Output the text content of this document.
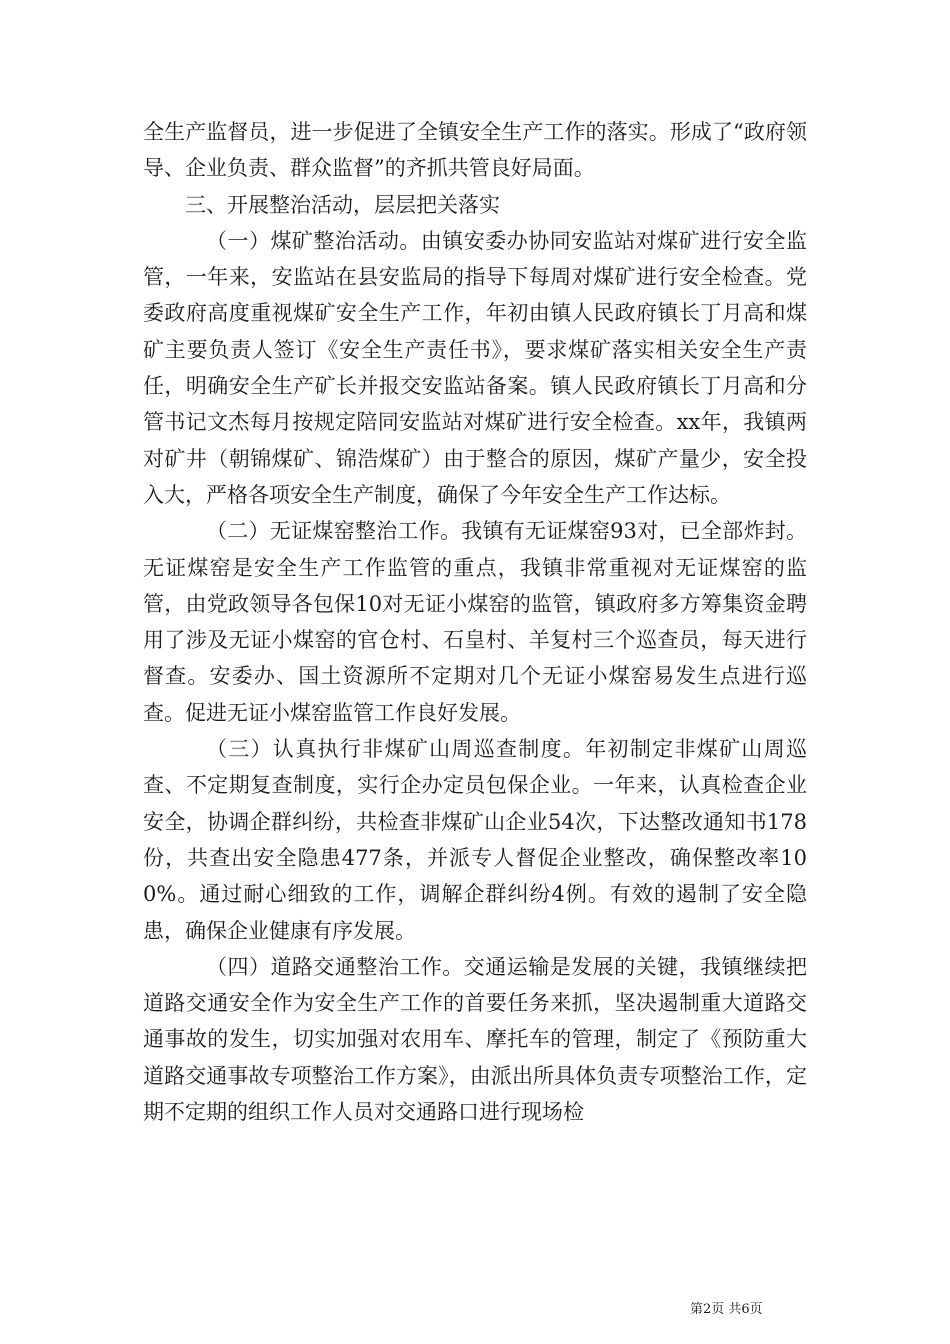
全生产监督员，进一步促进了全镇安全生产工作的落实。形成了“政府领导、企业负责、群众监督”的齐抓共管良好局面。

三、开展整治活动，层层把关落实

（一）煤矿整治活动。由镇安委办协同安监站对煤矿进行安全监管，一年来，安监站在县安监局的指导下每周对煤矿进行安全检查。党委政府高度重视煤矿安全生产工作，年初由镇人民政府镇长丁月高和煤矿主要负责人签订《安全生产责任书》，要求煤矿落实相关安全生产责任，明确安全生产矿长并报交安监站备案。镇人民政府镇长丁月高和分管书记文杰每月按规定陪同安监站对煤矿进行安全检查。xx年，我镇两对矿井（朝锦煤矿、锦浩煤矿）由于整合的原因，煤矿产量少，安全投入大，严格各项安全生产制度，确保了今年安全生产工作达标。

（二）无证煤窑整治工作。我镇有无证煤窑93对，已全部炸封。无证煤窑是安全生产工作监管的重点，我镇非常重视对无证煤窑的监管，由党政领导各包保10对无证小煤窑的监管，镇政府多方筹集资金聘用了涉及无证小煤窑的官仓村、石皇村、羊复村三个巡查员，每天进行督查。安委办、国土资源所不定期对几个无证小煤窑易发生点进行巡查。促进无证小煤窑监管工作良好发展。

（三）认真执行非煤矿山周巡查制度。年初制定非煤矿山周巡查、不定期复查制度，实行企办定员包保企业。一年来，认真检查企业安全，协调企群纠纷，共检查非煤矿山企业54次，下达整改通知书178份，共查出安全隐患477条，并派专人督促企业整改，确保整改率100%。通过耐心细致的工作，调解企群纠纷4例。有效的遏制了安全隐患，确保企业健康有序发展。

（四）道路交通整治工作。交通运输是发展的关键，我镇继续把道路交通安全作为安全生产工作的首要任务来抓，坚决遏制重大道路交通事故的发生，切实加强对农用车、摩托车的管理，制定了《预防重大道路交通事故专项整治工作方案》，由派出所具体负责专项整治工作，定期不定期的组织工作人员对交通路口进行现场检

第2页 共6页
